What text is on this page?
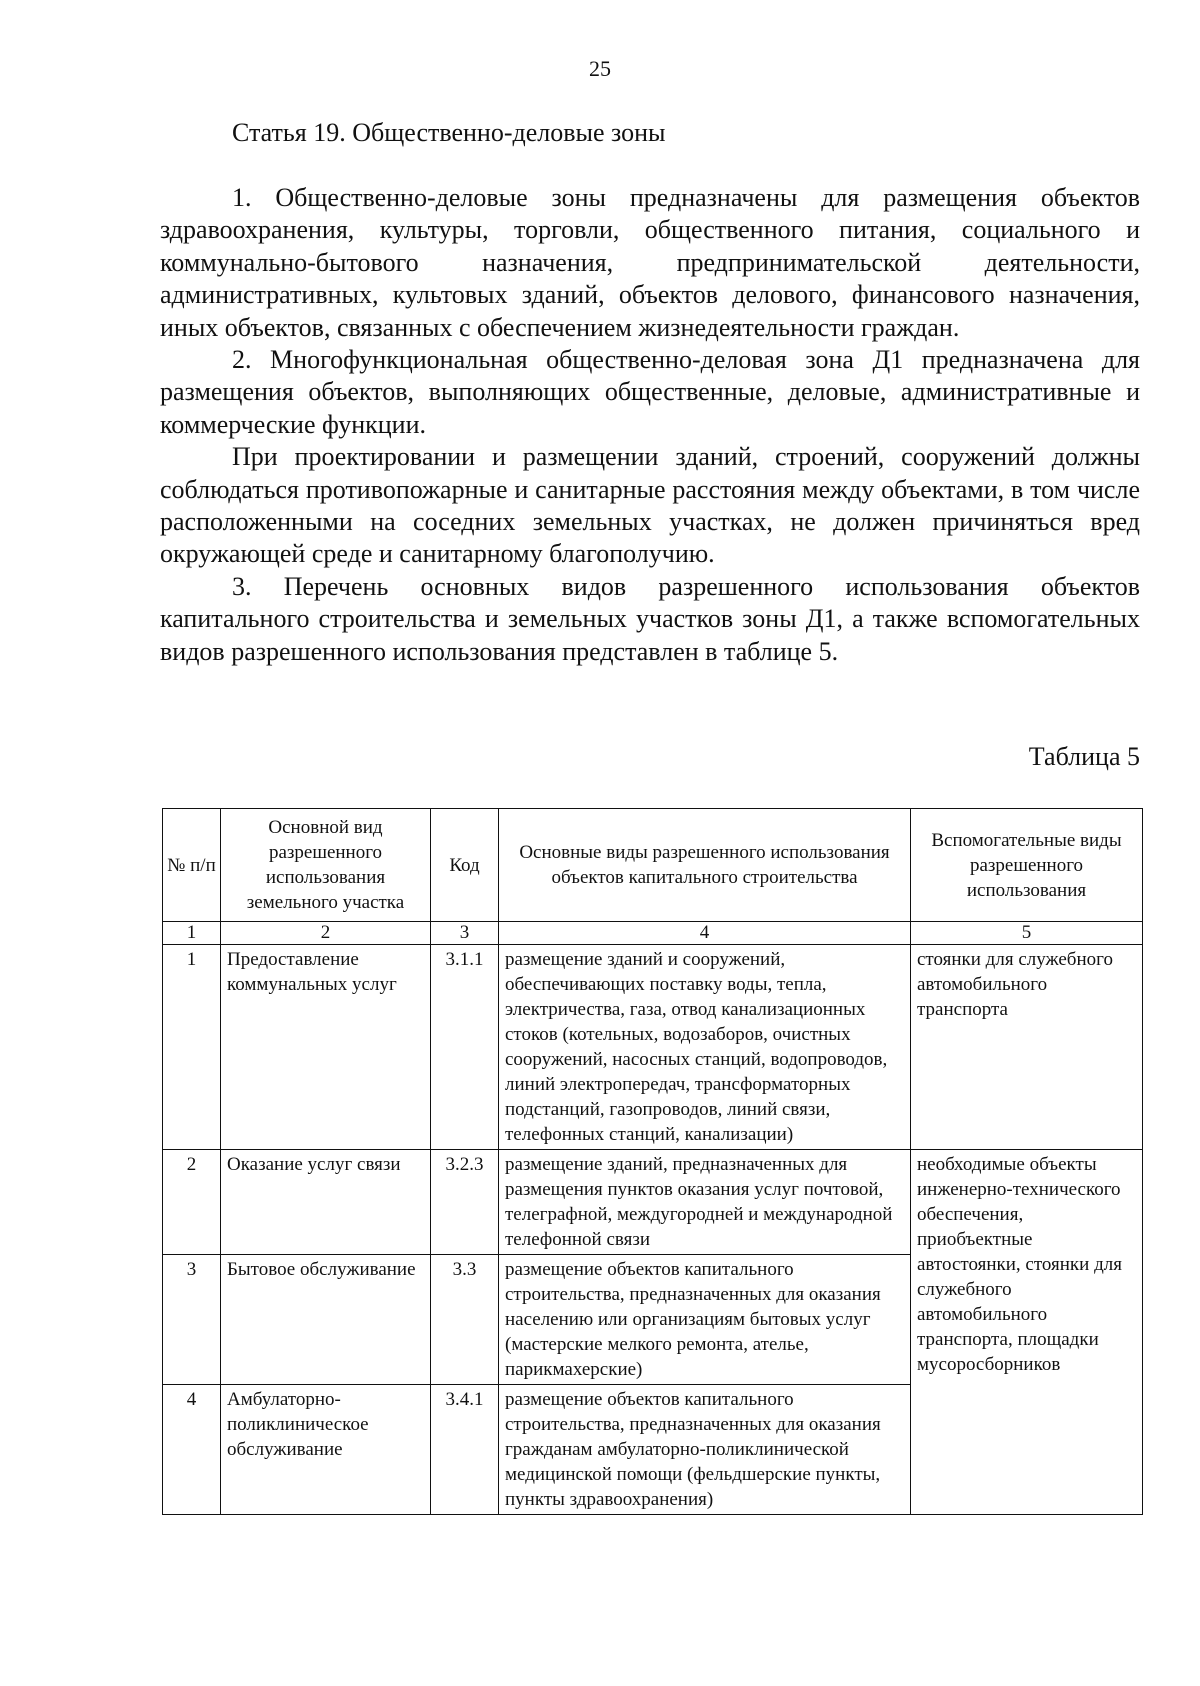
25
Статья 19. Общественно-деловые зоны

1. Общественно-деловые зоны предназначены для размещения объектов здравоохранения, культуры, торговли, общественного питания, социального и коммунально-бытового назначения, предпринимательской деятельности, административных, культовых зданий, объектов делового, финансового назначения, иных объектов, связанных с обеспечением жизнедеятельности граждан.

2. Многофункциональная общественно-деловая зона Д1 предназначена для размещения объектов, выполняющих общественные, деловые, административные и коммерческие функции.

При проектировании и размещении зданий, строений, сооружений должны соблюдаться противопожарные и санитарные расстояния между объектами, в том числе расположенными на соседних земельных участках, не должен причиняться вред окружающей среде и санитарному благополучию.

3. Перечень основных видов разрешенного использования объектов капитального строительства и земельных участков зоны Д1, а также вспомогательных видов разрешенного использования представлен в таблице 5.

Таблица 5
№ п/п	Основной вид разрешенного использования земельного участка	Код	Основные виды разрешенного использования объектов капитального строительства	Вспомогательные виды разрешенного использования
1	2	3	4	5
1	Предоставление коммунальных услуг	3.1.1	размещение зданий и сооружений, обеспечивающих поставку воды, тепла, электричества, газа, отвод канализационных стоков (котельных, водозаборов, очистных сооружений, насосных станций, водопроводов, линий электропередач, трансформаторных подстанций, газопроводов, линий связи, телефонных станций, канализации)	стоянки для служебного автомобильного транспорта
2	Оказание услуг связи	3.2.3	размещение зданий, предназначенных для размещения пунктов оказания услуг почтовой, телеграфной, междугородней и международной телефонной связи	необходимые объекты инженерно-технического обеспечения, приобъектные автостоянки, стоянки для служебного автомобильного транспорта, площадки мусоросборников
3	Бытовое обслуживание	3.3	размещение объектов капитального строительства, предназначенных для оказания населению или организациям бытовых услуг (мастерские мелкого ремонта, ателье, парикмахерские)	
4	Амбулаторно-поликлиническое обслуживание	3.4.1	размещение объектов капитального строительства, предназначенных для оказания гражданам амбулаторно-поликлинической медицинской помощи (фельдшерские пункты, пункты здравоохранения)	
